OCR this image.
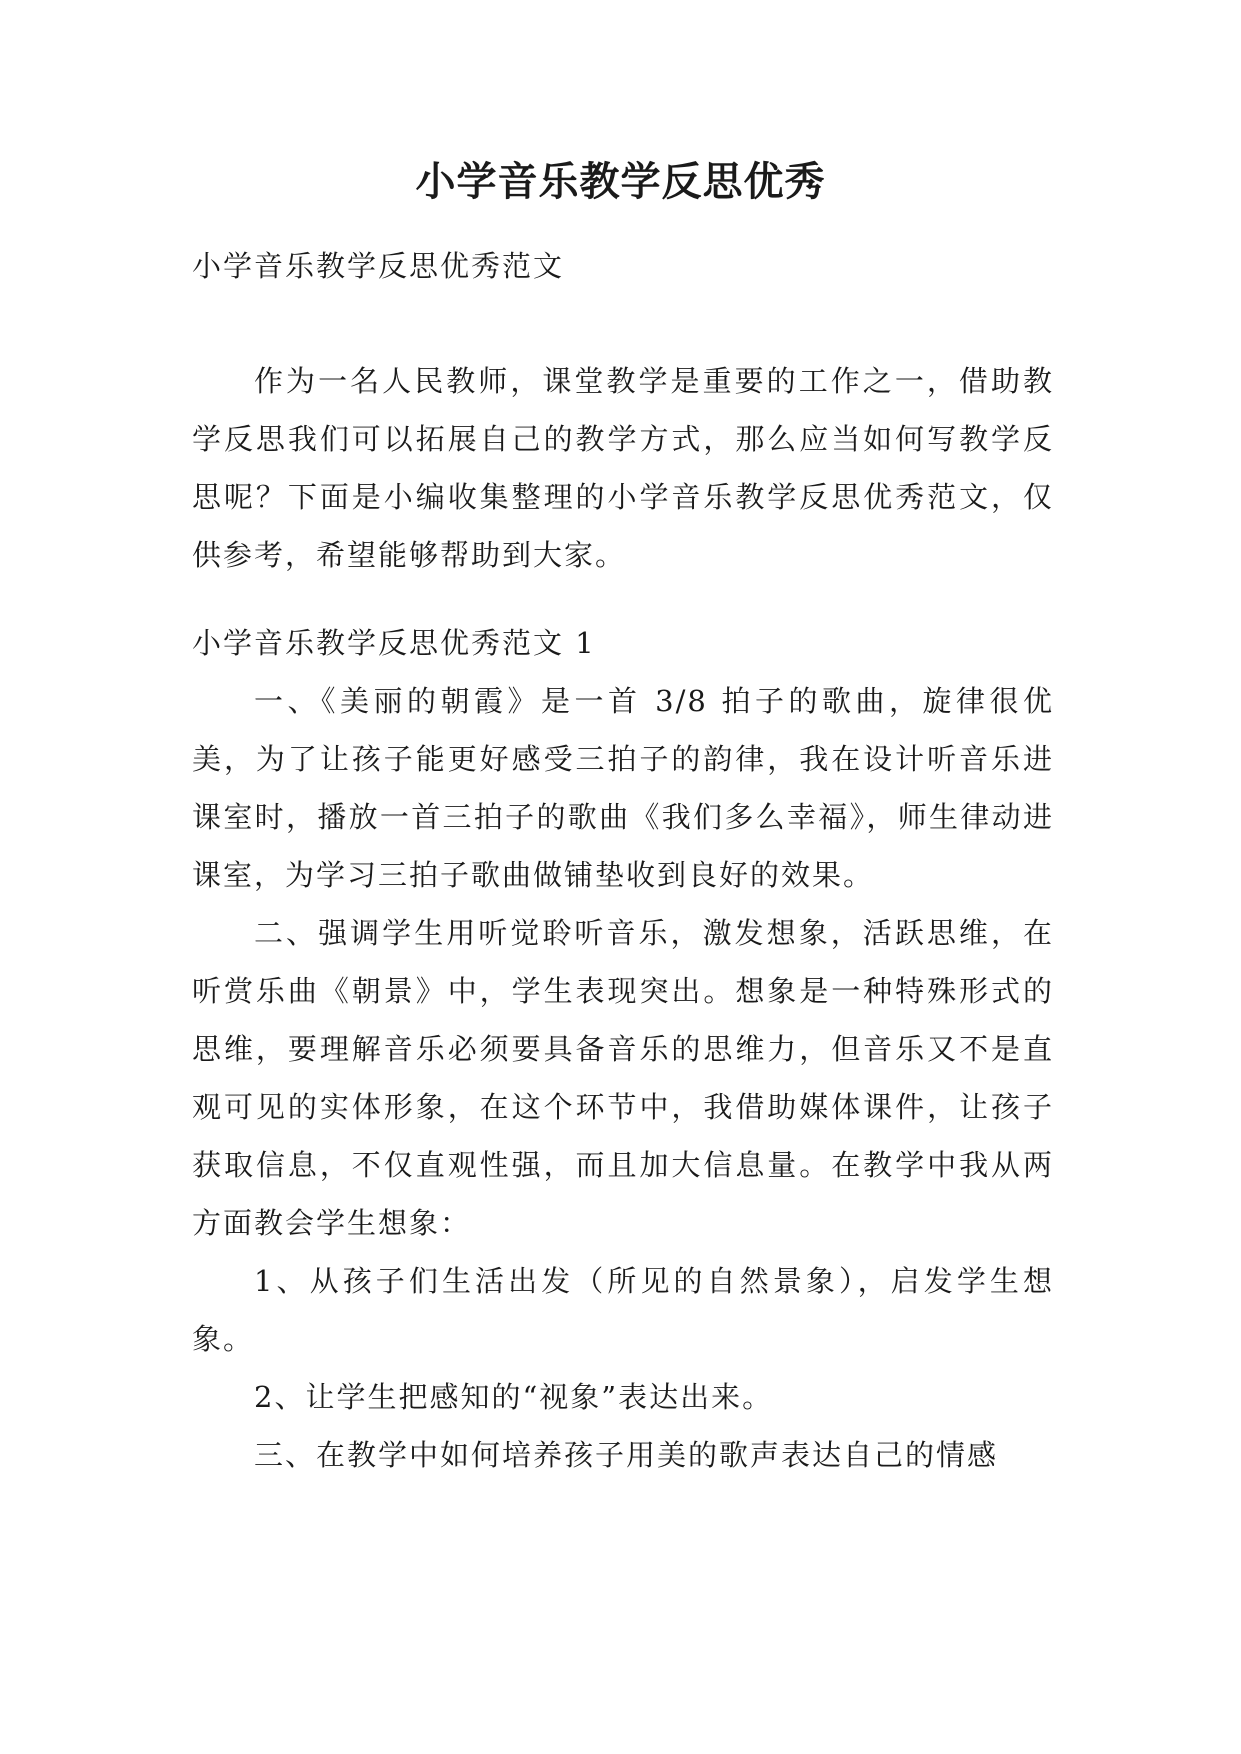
小学音乐教学反思优秀

小学音乐教学反思优秀范文

作为一名人民教师，课堂教学是重要的工作之一，借助教学反思我们可以拓展自己的教学方式，那么应当如何写教学反思呢？下面是小编收集整理的小学音乐教学反思优秀范文，仅供参考，希望能够帮助到大家。

小学音乐教学反思优秀范文 1

一、《美丽的朝霞》是一首 3/8 拍子的歌曲，旋律很优美，为了让孩子能更好感受三拍子的韵律，我在设计听音乐进课室时，播放一首三拍子的歌曲《我们多么幸福》，师生律动进课室，为学习三拍子歌曲做铺垫收到良好的效果。

二、强调学生用听觉聆听音乐，激发想象，活跃思维，在听赏乐曲《朝景》中，学生表现突出。想象是一种特殊形式的思维，要理解音乐必须要具备音乐的思维力，但音乐又不是直观可见的实体形象，在这个环节中，我借助媒体课件，让孩子获取信息，不仅直观性强，而且加大信息量。在教学中我从两方面教会学生想象：

1、从孩子们生活出发（所见的自然景象），启发学生想象。

2、让学生把感知的“视象”表达出来。

三、在教学中如何培养孩子用美的歌声表达自己的情感
